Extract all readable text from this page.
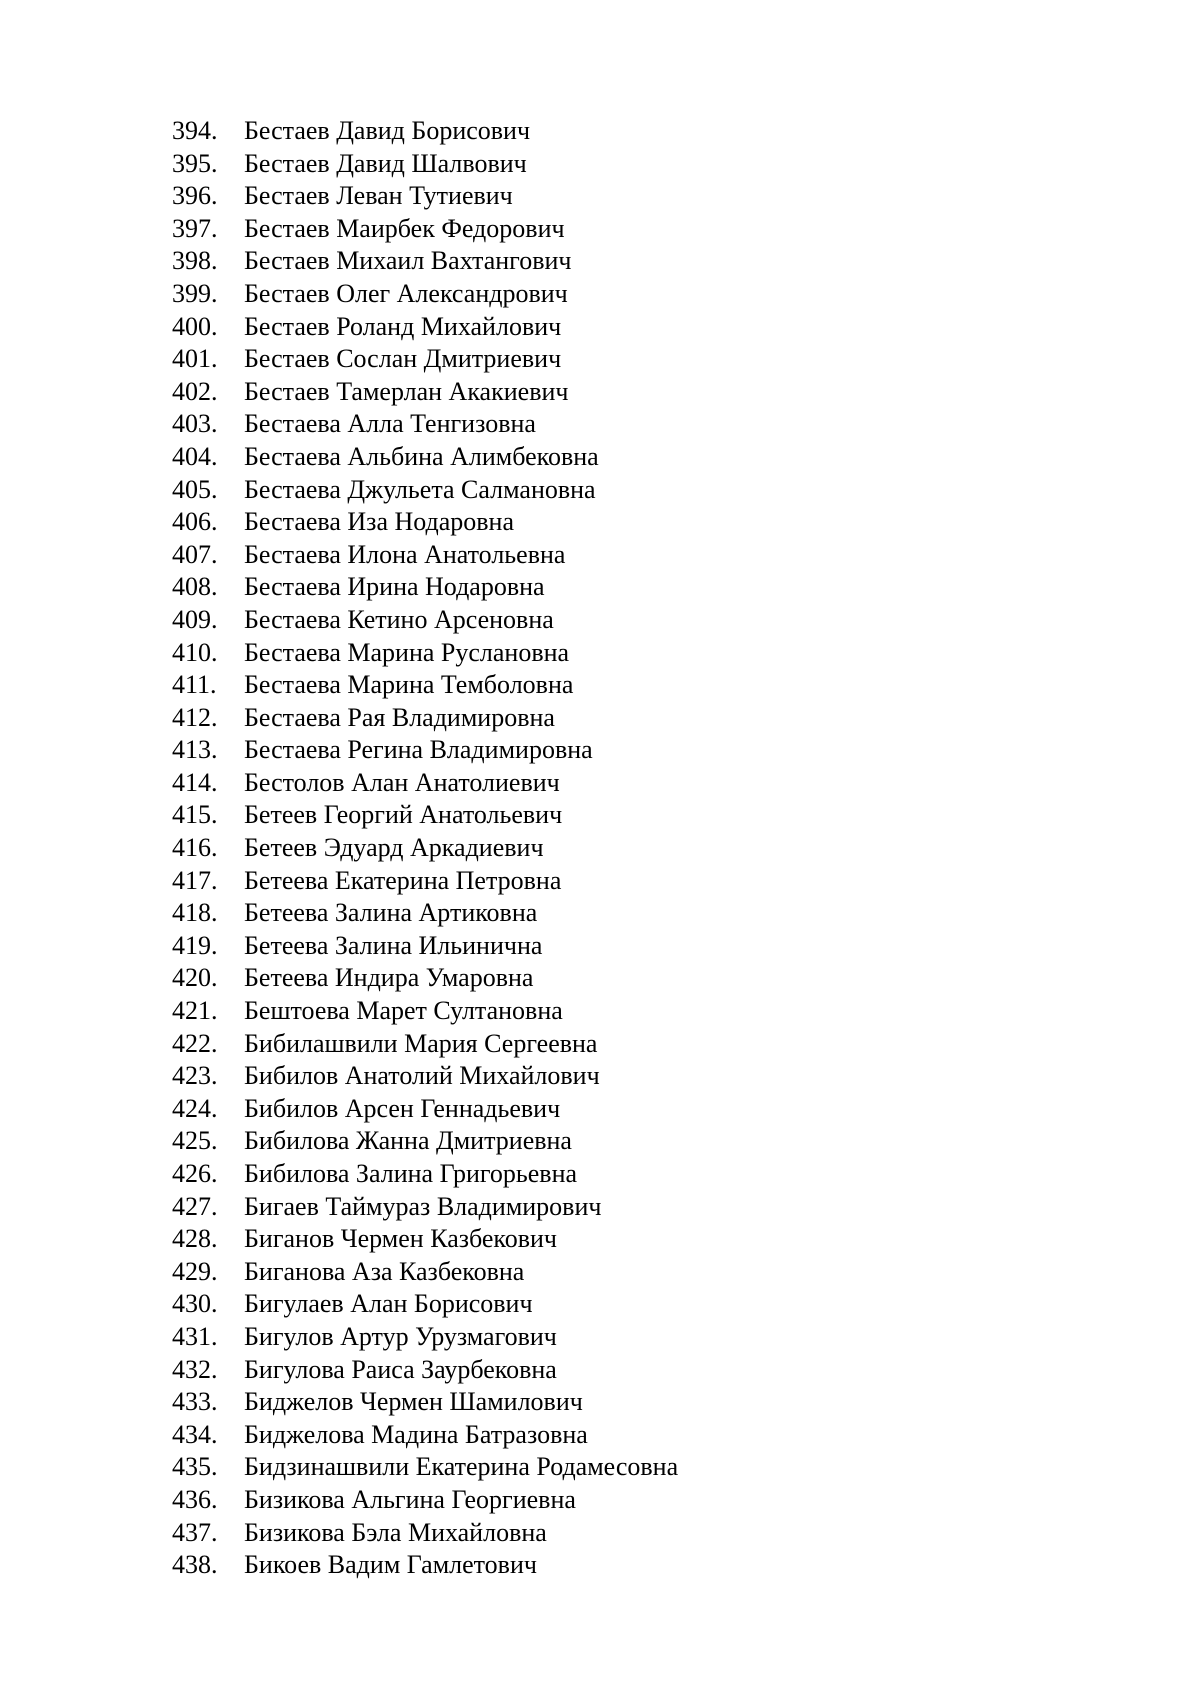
394.	Бестаев Давид Борисович
395.	Бестаев Давид Шалвович
396.	Бестаев Леван Тутиевич
397.	Бестаев Маирбек Федорович
398.	Бестаев Михаил Вахтангович
399.	Бестаев Олег Александрович
400.	Бестаев Роланд Михайлович
401.	Бестаев Сослан Дмитриевич
402.	Бестаев Тамерлан Акакиевич
403.	Бестаева Алла Тенгизовна
404.	Бестаева Альбина Алимбековна
405.	Бестаева Джульета Салмановна
406.	Бестаева Иза Нодаровна
407.	Бестаева Илона Анатольевна
408.	Бестаева Ирина Нодаровна
409.	Бестаева Кетино Арсеновна
410.	Бестаева Марина Руслановна
411.	Бестаева Марина Темболовна
412.	Бестаева Рая Владимировна
413.	Бестаева Регина Владимировна
414.	Бестолов Алан Анатолиевич
415.	Бетеев Георгий Анатольевич
416.	Бетеев Эдуард Аркадиевич
417.	Бетеева Екатерина Петровна
418.	Бетеева Залина Артиковна
419.	Бетеева Залина Ильинична
420.	Бетеева Индира Умаровна
421.	Бештоева Марет Султановна
422.	Бибилашвили Мария Сергеевна
423.	Бибилов Анатолий Михайлович
424.	Бибилов Арсен Геннадьевич
425.	Бибилова Жанна Дмитриевна
426.	Бибилова Залина Григорьевна
427.	Бигаев Таймураз Владимирович
428.	Биганов Чермен Казбекович
429.	Биганова Аза Казбековна
430.	Бигулаев Алан Борисович
431.	Бигулов Артур Урузмагович
432.	Бигулова Раиса Заурбековна
433.	Биджелов Чермен Шамилович
434.	Биджелова Мадина Батразовна
435.	Бидзинашвили Екатерина Родамесовна
436.	Бизикова Альгина Георгиевна
437.	Бизикова Бэла Михайловна
438.	Бикоев Вадим Гамлетович
